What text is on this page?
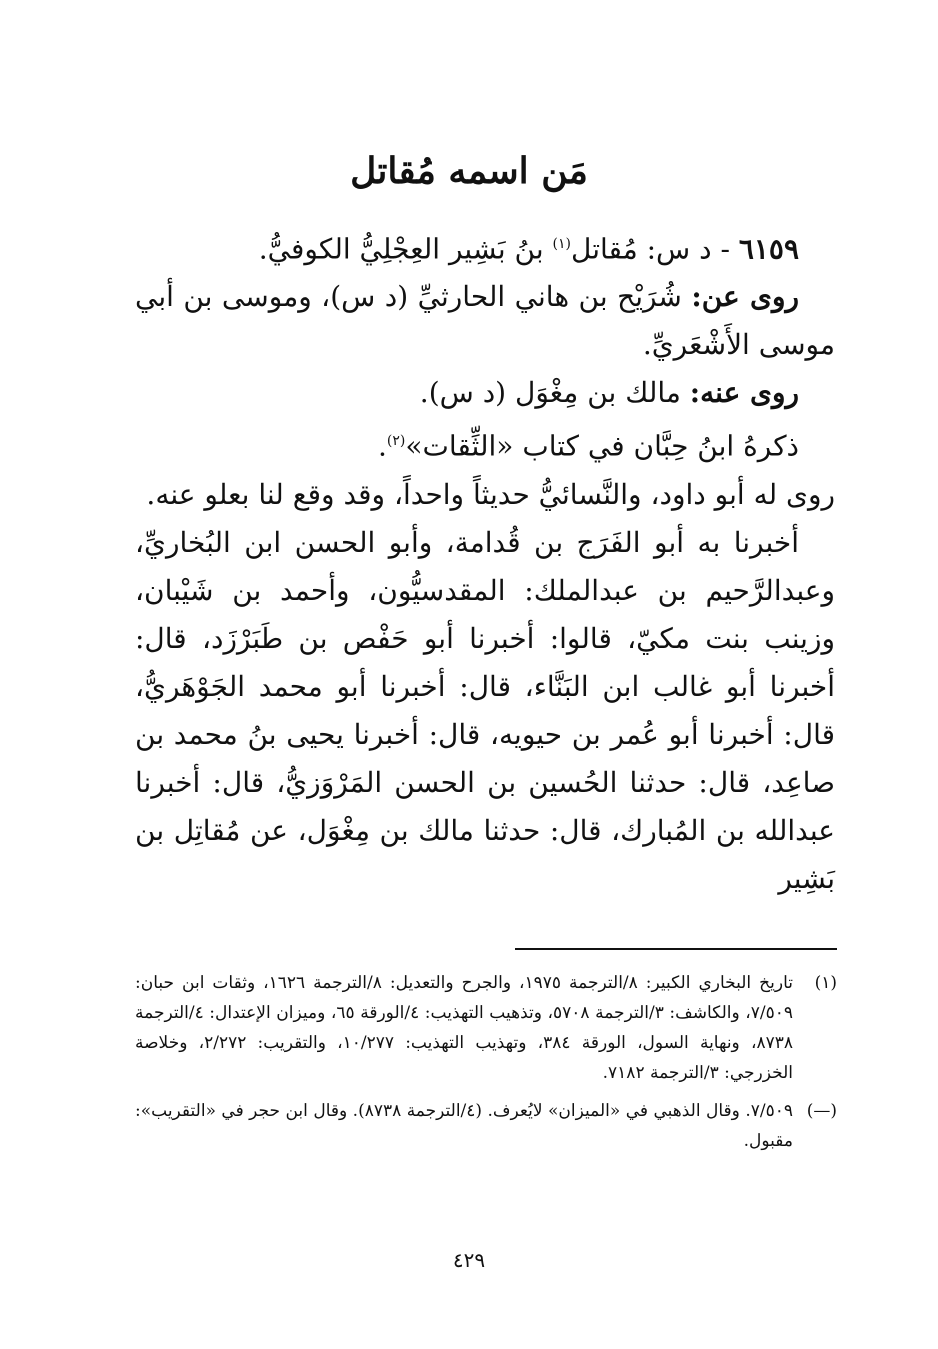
مَن اسمه مُقاتل

٦١٥٩ - د س: مُقاتل$^{(١)}$ بنُ بَشِير العِجْلِيُّ الكوفيُّ.

روى عن: شُرَيْح بن هاني الحارثيِّ (د س)، وموسى بن أبي موسى الأَشْعَريِّ.

روى عنه: مالك بن مِغْوَل (د س).

ذكرهُ ابنُ حِبَّان في كتاب «الثِّقات»$^{(٢)}$.

روى له أبو داود، والنَّسائيُّ حديثاً واحداً، وقد وقع لنا بعلو عنه.

أخبرنا به أبو الفَرَج بن قُدامة، وأبو الحسن ابن البُخاريِّ، وعبدالرَّحيم بن عبدالملك: المقدسيُّون، وأحمد بن شَيْبان، وزينب بنت مكيّ، قالوا: أخبرنا أبو حَفْص بن طَبَرْزَد، قال: أخبرنا أبو غالب ابن البَنَّاء، قال: أخبرنا أبو محمد الجَوْهَريُّ، قال: أخبرنا أبو عُمر بن حيويه، قال: أخبرنا يحيى بنُ محمد بن صاعِد، قال: حدثنا الحُسين بن الحسن المَرْوَزيُّ، قال: أخبرنا عبدالله بن المُبارك، قال: حدثنا مالك بن مِغْوَل، عن مُقاتِل بن بَشِير

(١)
تاريخ البخاري الكبير: ٨/الترجمة ١٩٧٥، والجرح والتعديل: ٨/الترجمة ١٦٢٦، وثقات ابن حبان: ٧/٥٠٩، والكاشف: ٣/الترجمة ٥٧٠٨، وتذهيب التهذيب: ٤/الورقة ٦٥، وميزان الإعتدال: ٤/الترجمة ٨٧٣٨، ونهاية السول، الورقة ٣٨٤، وتهذيب التهذيب: ١٠/٢٧٧، والتقريب: ٢/٢٧٢، وخلاصة الخزرجي: ٣/الترجمة ٧١٨٢.
(—)
٧/٥٠٩. وقال الذهبي في «الميزان» لايُعرف. (٤/الترجمة ٨٧٣٨). وقال ابن حجر في «التقريب»: مقبول.
٤٢٩
